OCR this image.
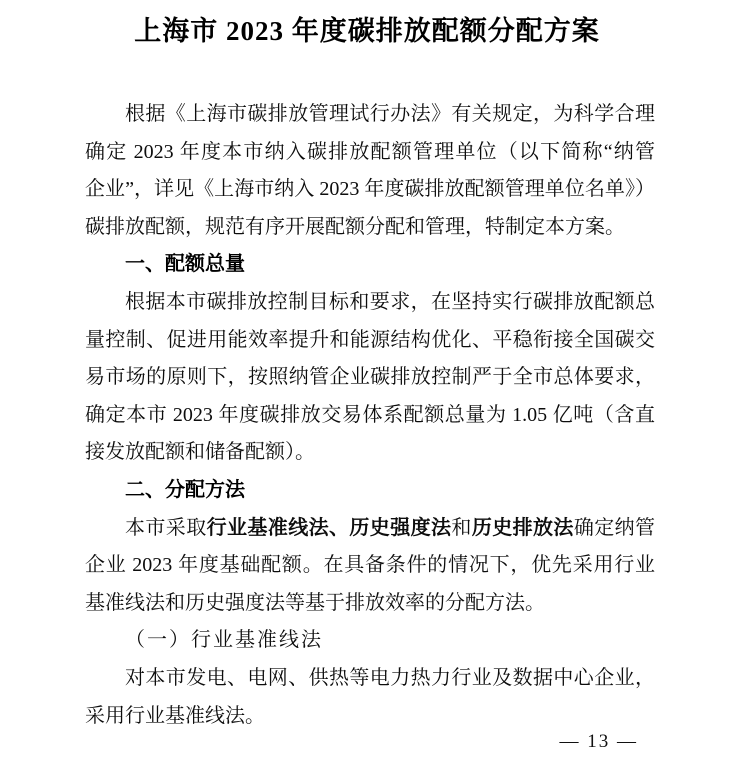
上海市 2023 年度碳排放配额分配方案
根据《上海市碳排放管理试行办法》有关规定，为科学合理
确定 2023 年度本市纳入碳排放配额管理单位（以下简称“纳管
企业”，详见《上海市纳入 2023 年度碳排放配额管理单位名单》）
碳排放配额，规范有序开展配额分配和管理，特制定本方案。
一、配额总量
根据本市碳排放控制目标和要求，在坚持实行碳排放配额总
量控制、促进用能效率提升和能源结构优化、平稳衔接全国碳交
易市场的原则下，按照纳管企业碳排放控制严于全市总体要求，
确定本市 2023 年度碳排放交易体系配额总量为 1.05 亿吨（含直
接发放配额和储备配额）。
二、分配方法
本市采取行业基准线法、历史强度法和历史排放法确定纳管
企业 2023 年度基础配额。在具备条件的情况下，优先采用行业
基准线法和历史强度法等基于排放效率的分配方法。
（一）行业基准线法
对本市发电、电网、供热等电力热力行业及数据中心企业，
采用行业基准线法。
— 13 —
